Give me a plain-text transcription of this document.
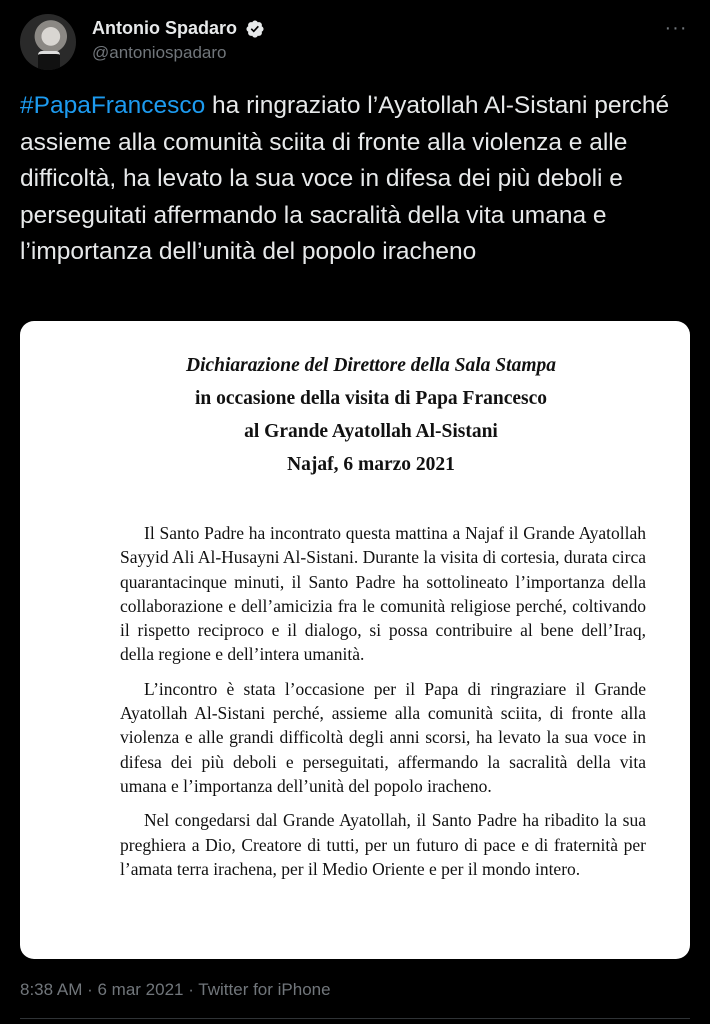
Antonio Spadaro
@antoniospadaro
···

#PapaFrancesco ha ringraziato l’Ayatollah Al-Sistani perché assieme alla comunità sciita di fronte alla violenza e alle difficoltà, ha levato la sua voce in difesa dei più deboli e perseguitati affermando la sacralità della vita umana e l’importanza dell’unità del popolo iracheno

Dichiarazione del Direttore della Sala Stampa
in occasione della visita di Papa Francesco
al Grande Ayatollah Al-Sistani
Najaf, 6 marzo 2021

Il Santo Padre ha incontrato questa mattina a Najaf il Grande Ayatollah Sayyid Ali Al-Husayni Al-Sistani. Durante la visita di cortesia, durata circa quarantacinque minuti, il Santo Padre ha sottolineato l’importanza della collaborazione e dell’amicizia fra le comunità religiose perché, coltivando il rispetto reciproco e il dialogo, si possa contribuire al bene dell’Iraq, della regione e dell’intera umanità.

L’incontro è stata l’occasione per il Papa di ringraziare il Grande Ayatollah Al-Sistani perché, assieme alla comunità sciita, di fronte alla violenza e alle grandi difficoltà degli anni scorsi, ha levato la sua voce in difesa dei più deboli e perseguitati, affermando la sacralità della vita umana e l’importanza dell’unità del popolo iracheno.

Nel congedarsi dal Grande Ayatollah, il Santo Padre ha ribadito la sua preghiera a Dio, Creatore di tutti, per un futuro di pace e di fraternità per l’amata terra irachena, per il Medio Oriente e per il mondo intero.

8:38 AM · 6 mar 2021 · Twitter for iPhone
